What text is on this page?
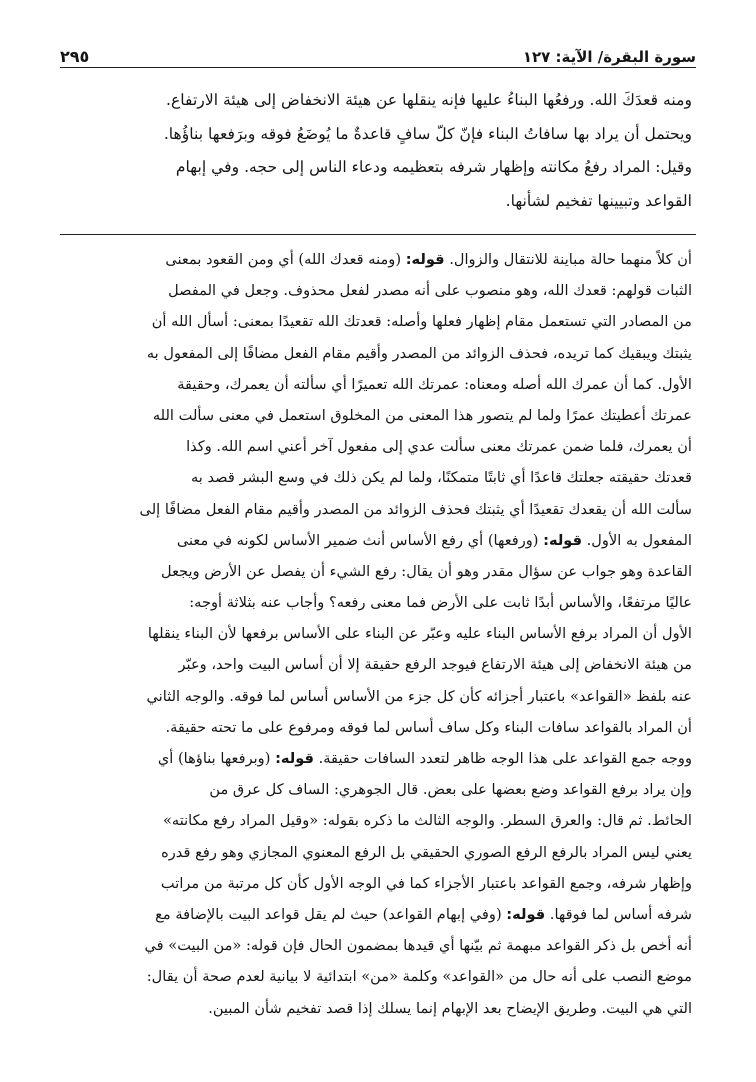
سورة البقرة/ الآية: ١٢٧
٢٩٥
ومنه قعدَكَ الله. ورفعُها البناءُ عليها فإنه ينقلها عن هيئة الانخفاض إلى هيئة الارتفاع.
ويحتمل أن يراد بها سافاتُ البناء فإنّ كلّ سافٍ قاعدةٌ ما يُوضَعُ فوقه وبرَفعها بناؤُها.
وقيل: المراد رفعُ مكانته وإظهار شرفه بتعظيمه ودعاء الناس إلى حجه. وفي إبهام
القواعد وتبيينها تفخيم لشأنها.
أن كلاً منهما حالة مباينة للانتقال والزوال. قوله: (ومنه قعدك الله) أي ومن القعود بمعنى
الثبات قولهم: قعدك الله، وهو منصوب على أنه مصدر لفعل محذوف. وجعل في المفصل
من المصادر التي تستعمل مقام إظهار فعلها وأصله: قعدتك الله تقعيدًا بمعنى: أسأل الله أن
يثبتك ويبقيك كما تريده، فحذف الزوائد من المصدر وأقيم مقام الفعل مضافًا إلى المفعول به
الأول. كما أن عمرك الله أصله ومعناه: عمرتك الله تعميرًا أي سألته أن يعمرك، وحقيقة
عمرتك أعطيتك عمرًا ولما لم يتصور هذا المعنى من المخلوق استعمل في معنى سألت الله
أن يعمرك، فلما ضمن عمرتك معنى سألت عدي إلى مفعول آخر أعني اسم الله. وكذا
قعدتك حقيقته جعلتك قاعدًا أي ثابتًا متمكنًا، ولما لم يكن ذلك في وسع البشر قصد به
سألت الله أن يقعدك تقعيدًا أي يثبتك فحذف الزوائد من المصدر وأقيم مقام الفعل مضافًا إلى
المفعول به الأول. قوله: (ورفعها) أي رفع الأساس أنث ضمير الأساس لكونه في معنى
القاعدة وهو جواب عن سؤال مقدر وهو أن يقال: رفع الشيء أن يفصل عن الأرض ويجعل
عاليًا مرتفعًا، والأساس أبدًا ثابت على الأرض فما معنى رفعه؟ وأجاب عنه بثلاثة أوجه:
الأول أن المراد برفع الأساس البناء عليه وعبّر عن البناء على الأساس برفعها لأن البناء ينقلها
من هيئة الانخفاض إلى هيئة الارتفاع فيوجد الرفع حقيقة إلا أن أساس البيت واحد، وعبّر
عنه بلفظ «القواعد» باعتبار أجزائه كأن كل جزء من الأساس أساس لما فوقه. والوجه الثاني
أن المراد بالقواعد سافات البناء وكل ساف أساس لما فوقه ومرفوع على ما تحته حقيقة.
ووجه جمع القواعد على هذا الوجه ظاهر لتعدد السافات حقيقة. قوله: (وبرفعها بناؤها) أي
وإن يراد برفع القواعد وضع بعضها على بعض. قال الجوهري: الساف كل عرق من
الحائط. ثم قال: والعرق السطر. والوجه الثالث ما ذكره بقوله: «وقيل المراد رفع مكانته»
يعني ليس المراد بالرفع الرفع الصوري الحقيقي بل الرفع المعنوي المجازي وهو رفع قدره
وإظهار شرفه، وجمع القواعد باعتبار الأجزاء كما في الوجه الأول كأن كل مرتبة من مراتب
شرفه أساس لما فوقها. قوله: (وفي إبهام القواعد) حيث لم يقل قواعد البيت بالإضافة مع
أنه أخص بل ذكر القواعد مبهمة ثم بيّنها أي قيدها بمضمون الحال فإن قوله: «من البيت» في
موضع النصب على أنه حال من «القواعد» وكلمة «من» ابتدائية لا بيانية لعدم صحة أن يقال:
التي هي البيت. وطريق الإيضاح بعد الإبهام إنما يسلك إذا قصد تفخيم شأن المبين.
